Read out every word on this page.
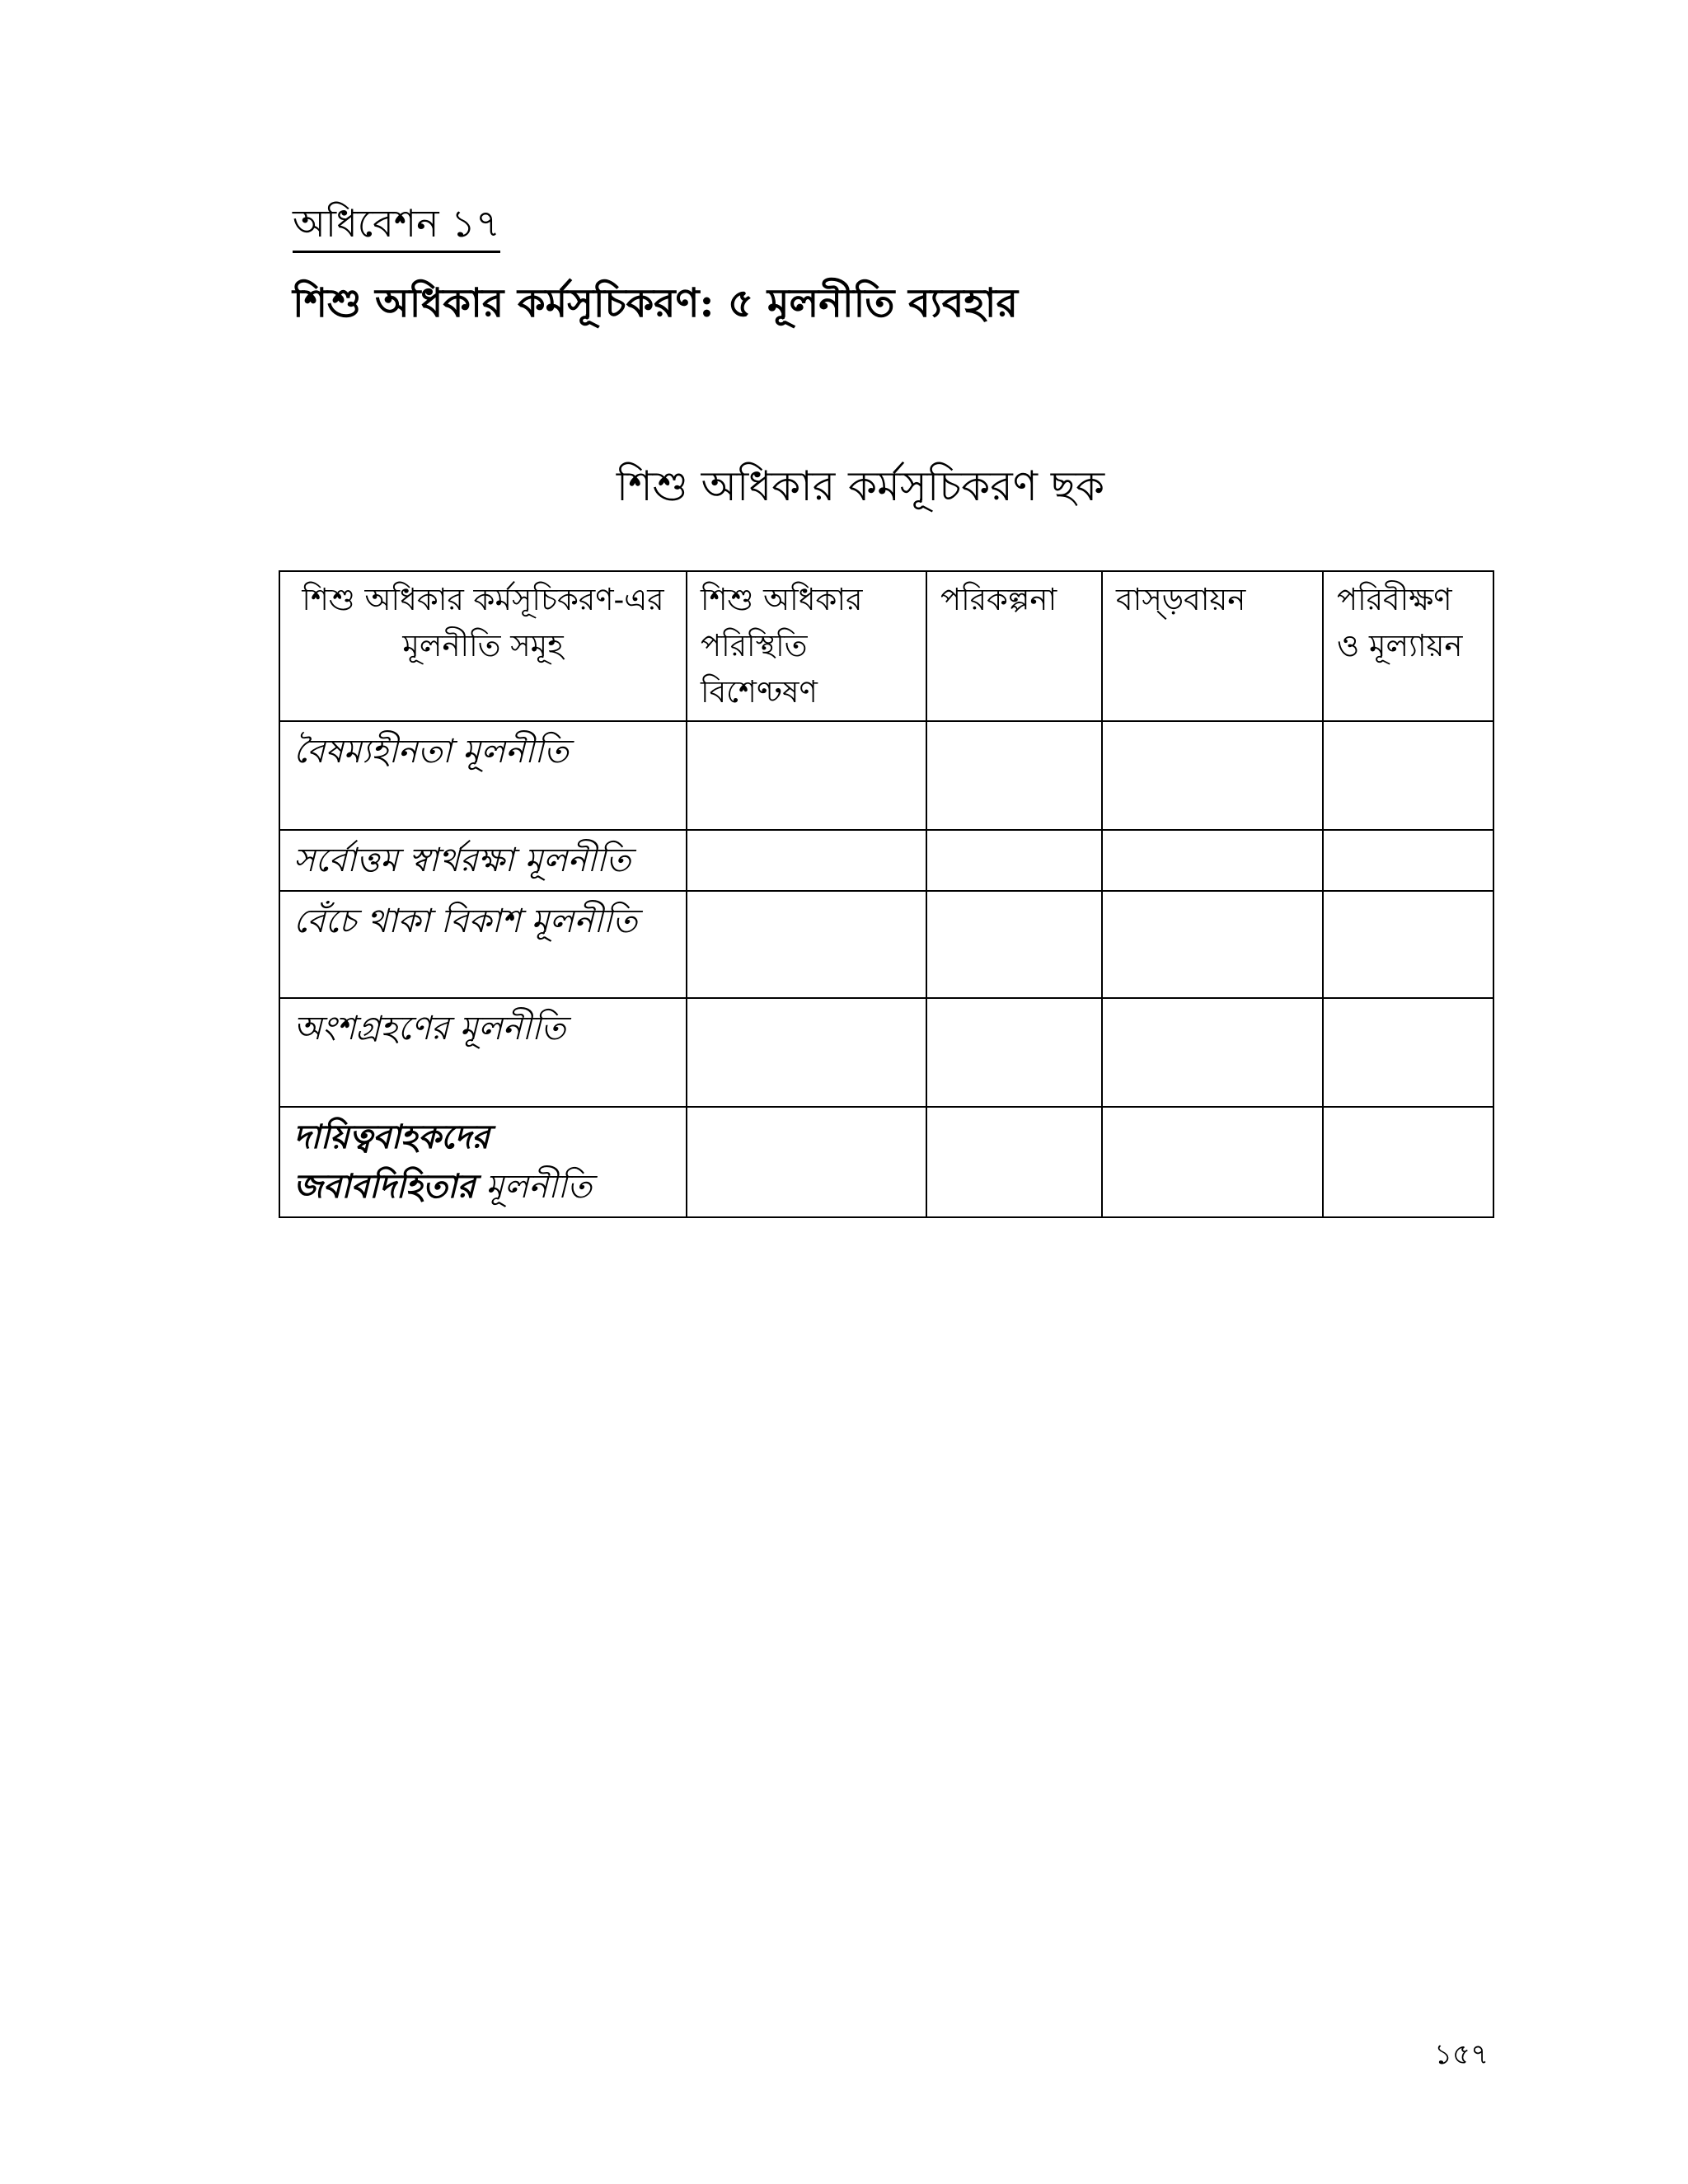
অধিবেশন ১৭
শিশু অধিকার কর্মসূচিকরণ: ৫ মূলনীতি ব্যবহার
শিশু অধিকার কর্মসূচিকরণ ছক
শিশু অধিকার কর্মসূচিকরণ-এর মূলনীতি সমূহ	শিশু অধিকার পরিস্থিতি বিশেণ্ঢষণ	পরিকল্পনা	বাস্ড়বায়ন	পরিবীক্ষণ ও মূল্যায়ন
বৈষম্যহীনতা মূলনীতি				
সর্বোত্তম স্বার্থরক্ষা মূলনীতি				
বেঁচে থাকা বিকাশ মূলনীতি				
অংশগ্রহণের মূলনীতি				
দায়িত্ববাহকদের জবাবদিহিতার মূলনীতি				
১৫৭
